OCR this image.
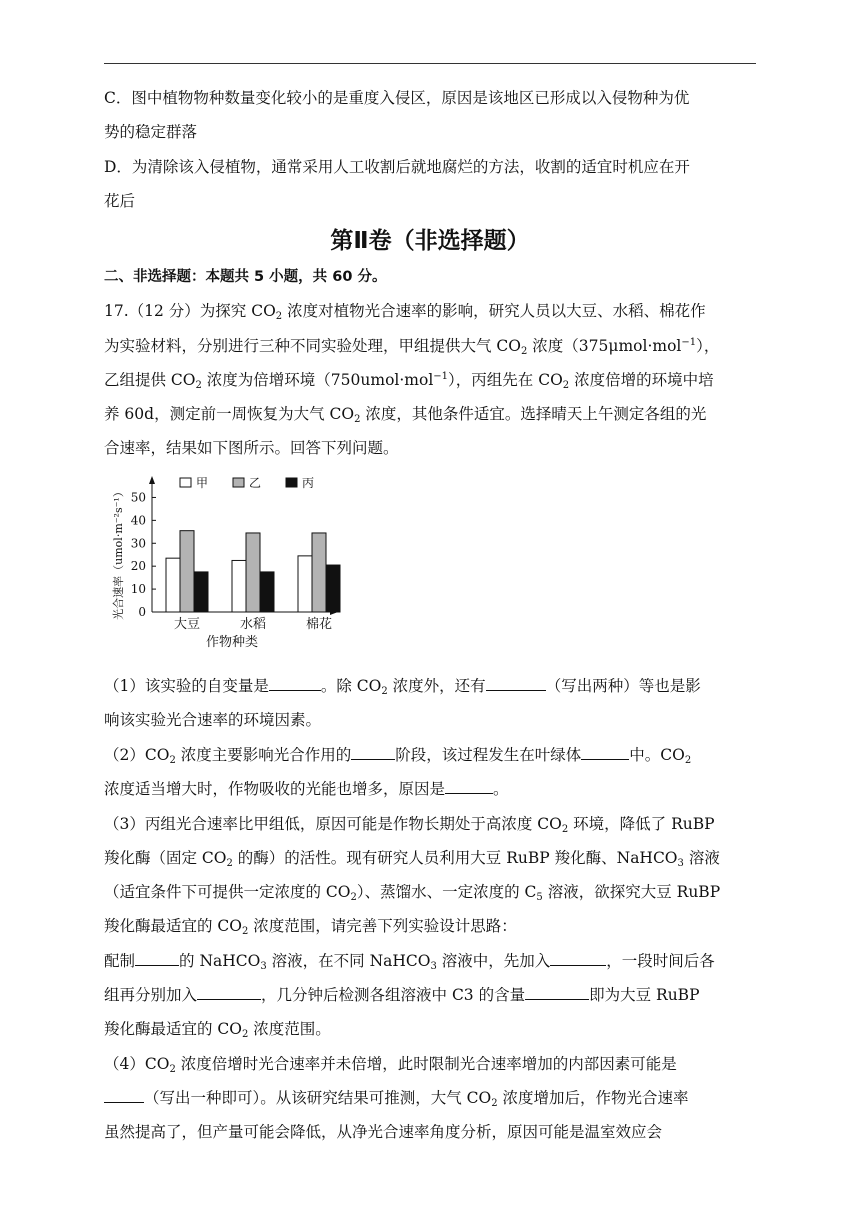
C．图中植物物种数量变化较小的是重度入侵区，原因是该地区已形成以入侵物种为优
势的稳定群落
D．为清除该入侵植物，通常采用人工收割后就地腐烂的方法，收割的适宜时机应在开
花后
第Ⅱ卷（非选择题）
二、非选择题：本题共 5 小题，共 60 分。
17.（12 分）为探究 $CO_2$ 浓度对植物光合速率的影响，研究人员以大豆、水稻、棉花作
为实验材料，分别进行三种不同实验处理，甲组提供大气 $CO_2$ 浓度（375μmol·mol$^{-1}$），
乙组提供 $CO_2$ 浓度为倍增环境（750umol·mol$^{-1}$），丙组先在 $CO_2$ 浓度倍增的环境中培
养 60d，测定前一周恢复为大气 $CO_2$ 浓度，其他条件适宜。选择晴天上午测定各组的光
合速率，结果如下图所示。回答下列问题。
0
10
20
30
40
50
光合速率（umol·m⁻²s⁻¹）
大豆	水稻	棉花
作物种类
甲	乙	丙
（1）该实验的自变量是	。除 $CO_2$ 浓度外，还有	（写出两种）等也是影
响该实验光合速率的环境因素。
$(2)CO_2$ 浓度主要影响光合作用的	阶段，该过程发生在叶绿体	中。$CO_2$
浓度适当增大时，作物吸收的光能也增多，原因是	。
（3）丙组光合速率比甲组低，原因可能是作物长期处于高浓度 $CO_2$ 环境，降低了 RuBP
羧化酶（固定 $CO_2$ 的酶）的活性。现有研究人员利用大豆 RuBP 羧化酶、NaHCO$_3$ 溶液
（适宜条件下可提供一定浓度的 $CO_2$）、蒸馏水、一定浓度的 $C_5$ 溶液，欲探究大豆 RuBP
羧化酶最适宜的 $CO_2$ 浓度范围，请完善下列实验设计思路：
配制	的 NaHCO$_3$ 溶液，在不同 NaHCO$_3$ 溶液中，先加入	，一段时间后各
组再分别加入	，几分钟后检测各组溶液中 C3 的含量	即为大豆 RuBP
羧化酶最适宜的 $CO_2$ 浓度范围。
$(4)CO_2$ 浓度倍增时光合速率并未倍增，此时限制光合速率增加的内部因素可能是
（写出一种即可）。从该研究结果可推测，大气 $CO_2$ 浓度增加后，作物光合速率
虽然提高了，但产量可能会降低，从净光合速率角度分析，原因可能是温室效应会
